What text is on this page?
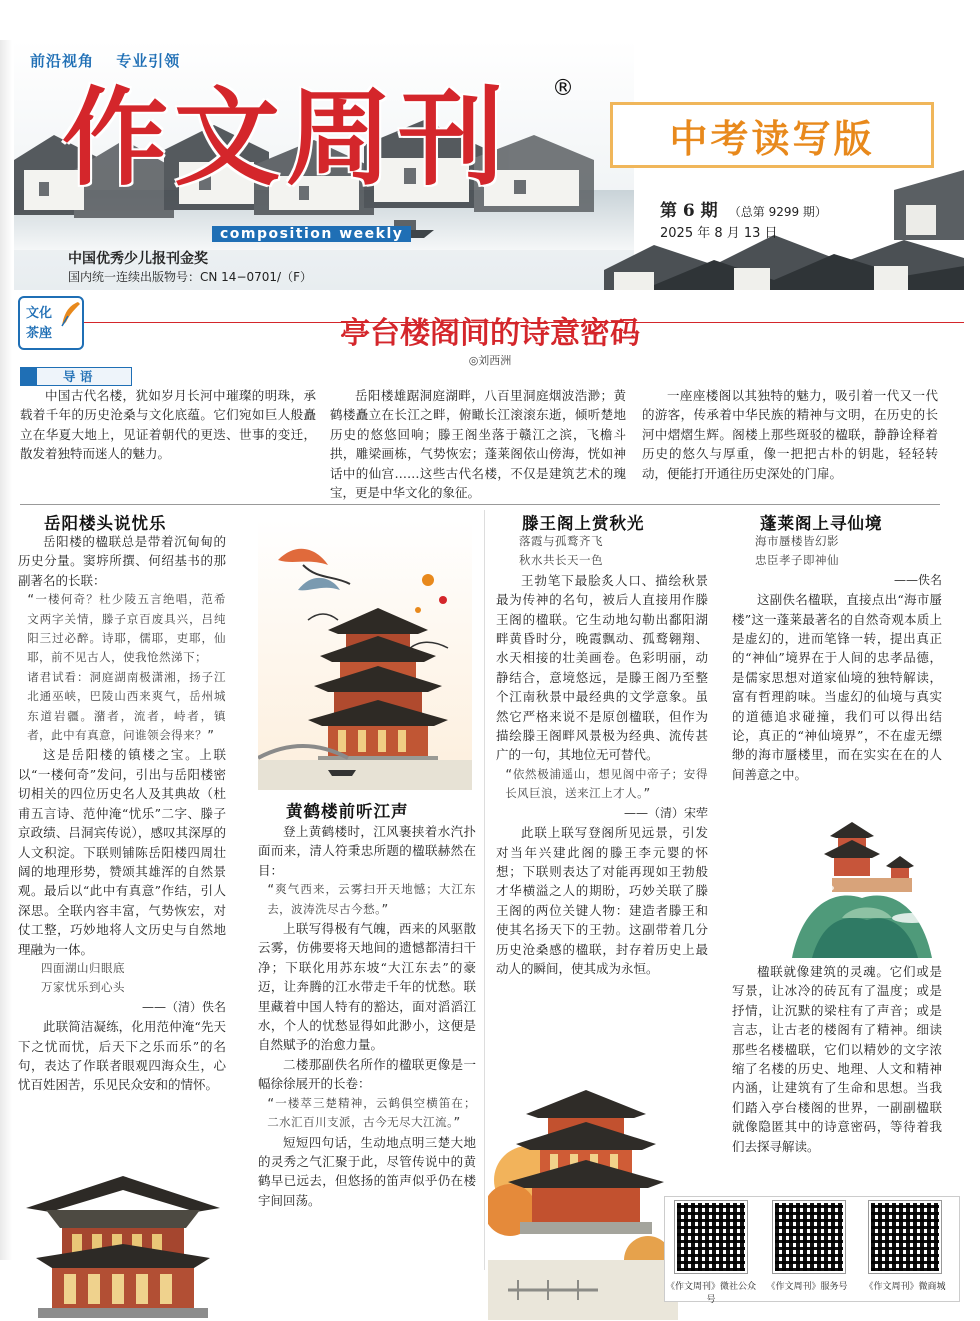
前沿视角 专业引领
作文周刊 ®
composition weekly
中考读写版
第 6 期 （总第 9299 期）
2025 年 8 月 13 日
中国优秀少儿报刊金奖
国内统一连续出版物号：CN 14−0701/（F）
文化
茶座	亭台楼阁间的诗意密码
◎刘西洲
导 语

中国古代名楼，犹如岁月长河中璀璨的明珠，承载着千年的历史沧桑与文化底蕴。它们宛如巨人般矗立在华夏大地上，见证着朝代的更迭、世事的变迁，散发着独特而迷人的魅力。

岳阳楼雄踞洞庭湖畔，八百里洞庭烟波浩渺；黄鹤楼矗立在长江之畔，俯瞰长江滚滚东逝，倾听楚地历史的悠悠回响；滕王阁坐落于赣江之滨，飞檐斗拱，雕梁画栋，气势恢宏；蓬莱阁依山傍海，恍如神话中的仙宫……这些古代名楼，不仅是建筑艺术的瑰宝，更是中华文化的象征。

一座座楼阁以其独特的魅力，吸引着一代又一代的游客，传承着中华民族的精神与文明，在历史的长河中熠熠生辉。阁楼上那些斑驳的楹联，静静诠释着历史的悠久与厚重，像一把把古朴的钥匙，轻轻转动，便能打开通往历史深处的门扉。

岳阳楼头说忧乐

岳阳楼的楹联总是带着沉甸甸的历史分量。窦垿所撰、何绍基书的那副著名的长联：

“一楼何奇？杜少陵五言绝唱，范希文两字关情，滕子京百废具兴，吕纯阳三过必醉。诗耶，儒耶，吏耶，仙耶，前不见古人，使我怆然涕下；

诸君试看：洞庭湖南极潇湘，扬子江北通巫峡，巴陵山西来爽气，岳州城东道岩疆。潴者，流者，峙者，镇者，此中有真意，问谁领会得来？”

这是岳阳楼的镇楼之宝。上联以“一楼何奇”发问，引出与岳阳楼密切相关的四位历史名人及其典故（杜甫五言诗、范仲淹“忧乐”二字、滕子京政绩、吕洞宾传说），感叹其深厚的人文积淀。下联则铺陈岳阳楼四周壮阔的地理形势，赞颂其雄浑的自然景观。最后以“此中有真意”作结，引人深思。全联内容丰富，气势恢宏，对仗工整，巧妙地将人文历史与自然地理融为一体。

四面湖山归眼底

万家忧乐到心头

——（清）佚名

此联简洁凝练，化用范仲淹“先天下之忧而忧，后天下之乐而乐”的名句，表达了作联者眼观四海众生，心忧百姓困苦，乐见民众安和的情怀。

黄鹤楼前听江声

登上黄鹤楼时，江风裹挟着水汽扑面而来，清人符秉忠所题的楹联赫然在目：

“爽气西来，云雾扫开天地憾；大江东去，波涛洗尽古今愁。”

上联写得极有气魄，西来的风驱散云雾，仿佛要将天地间的遗憾都清扫干净；下联化用苏东坡“大江东去”的豪迈，让奔腾的江水带走千年的忧愁。联里藏着中国人特有的豁达，面对滔滔江水，个人的忧愁显得如此渺小，这便是自然赋予的治愈力量。

二楼那副佚名所作的楹联更像是一幅徐徐展开的长卷：

“一楼萃三楚精神，云鹤俱空横笛在；二水汇百川支派，古今无尽大江流。”

短短四句话，生动地点明三楚大地的灵秀之气汇聚于此，尽管传说中的黄鹤早已远去，但悠扬的笛声似乎仍在楼宇间回荡。

滕王阁上赏秋光

落霞与孤鹜齐飞

秋水共长天一色

王勃笔下最脍炙人口、描绘秋景最为传神的名句，被后人直接用作滕王阁的楹联。它生动地勾勒出鄱阳湖畔黄昏时分，晚霞飘动、孤鹜翱翔、水天相接的壮美画卷。色彩明丽，动静结合，意境悠远，是滕王阁乃至整个江南秋景中最经典的文学意象。虽然它严格来说不是原创楹联，但作为描绘滕王阁畔风景极为经典、流传甚广的一句，其地位无可替代。

“依然极浦遥山，想见阁中帝子；安得长风巨浪，送来江上才人。”

——（清）宋荦

此联上联写登阁所见远景，引发对当年兴建此阁的滕王李元婴的怀想；下联则表达了对能再现如王勃般才华横溢之人的期盼，巧妙关联了滕王阁的两位关键人物：建造者滕王和使其名扬天下的王勃。这副带着几分历史沧桑感的楹联，封存着历史上最动人的瞬间，使其成为永恒。

蓬莱阁上寻仙境

海市蜃楼皆幻影

忠臣孝子即神仙

——佚名

这副佚名楹联，直接点出“海市蜃楼”这一蓬莱最著名的自然奇观本质上是虚幻的，进而笔锋一转，提出真正的“神仙”境界在于人间的忠孝品德，是儒家思想对道家仙境的独特解读，富有哲理韵味。当虚幻的仙境与真实的道德追求碰撞，我们可以得出结论，真正的“神仙境界”，不在虚无缥缈的海市蜃楼里，而在实实在在的人间善意之中。

楹联就像建筑的灵魂。它们或是写景，让冰冷的砖瓦有了温度；或是抒情，让沉默的梁柱有了声音；或是言志，让古老的楼阁有了精神。细读那些名楼楹联，它们以精妙的文字浓缩了名楼的历史、地理、人文和精神内涵，让建筑有了生命和思想。当我们踏入亭台楼阁的世界，一副副楹联就像隐匿其中的诗意密码，等待着我们去探寻解读。

《作文周刊》微社公众号
《作文周刊》服务号	《作文周刊》微商城
